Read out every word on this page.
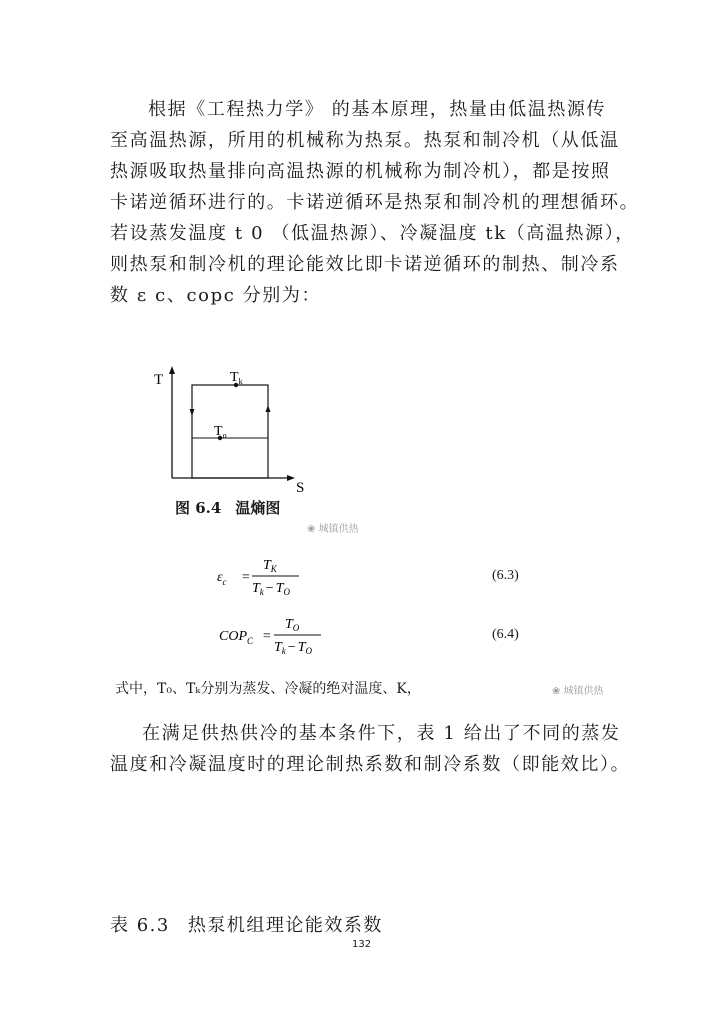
根据《工程热力学》 的基本原理，热量由低温热源传
至高温热源，所用的机械称为热泵。热泵和制冷机（从低温
热源吸取热量排向高温热源的机械称为制冷机），都是按照
卡诺逆循环进行的。卡诺逆循环是热泵和制冷机的理想循环。
若设蒸发温度 t 0 （低温热源）、冷凝温度 tk（高温热源），
则热泵和制冷机的理论能效比即卡诺逆循环的制热、制冷系
数 ε c、copc 分别为：
T
S
$T_k$
$T_o$
图 6.4 温熵图
❀ 城镇供热
$\varepsilon_c$ =
$T_K$
$T_k - T_O$
(6.3)
$COP_C$ =
$T_O$
$T_k - T_O$
(6.4)
式中，T₀、Tₖ分别为蒸发、冷凝的绝对温度、K，	❀ 城镇供热
在满足供热供冷的基本条件下，表 1 给出了不同的蒸发
温度和冷凝温度时的理论制热系数和制冷系数（即能效比）。
表 6.3 热泵机组理论能效系数
132
